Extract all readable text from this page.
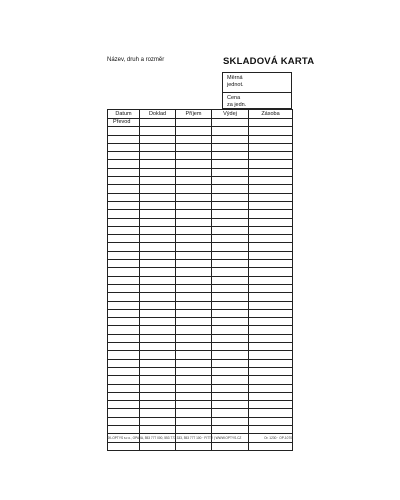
Název, druh a rozměr	SKLADOVÁ KARTA
Měrná
jednot.
Cena
za jedn.
Datum	Doklad	Příjem	Výdej	Zásoba
Převod				

SK-OPTYS s.r.o., OPAVA, 553 777 000, 553 777 333, 553 777 100 · FITTY | WWW.OPTYS.CZ	Or. 1230 · OP-1070
